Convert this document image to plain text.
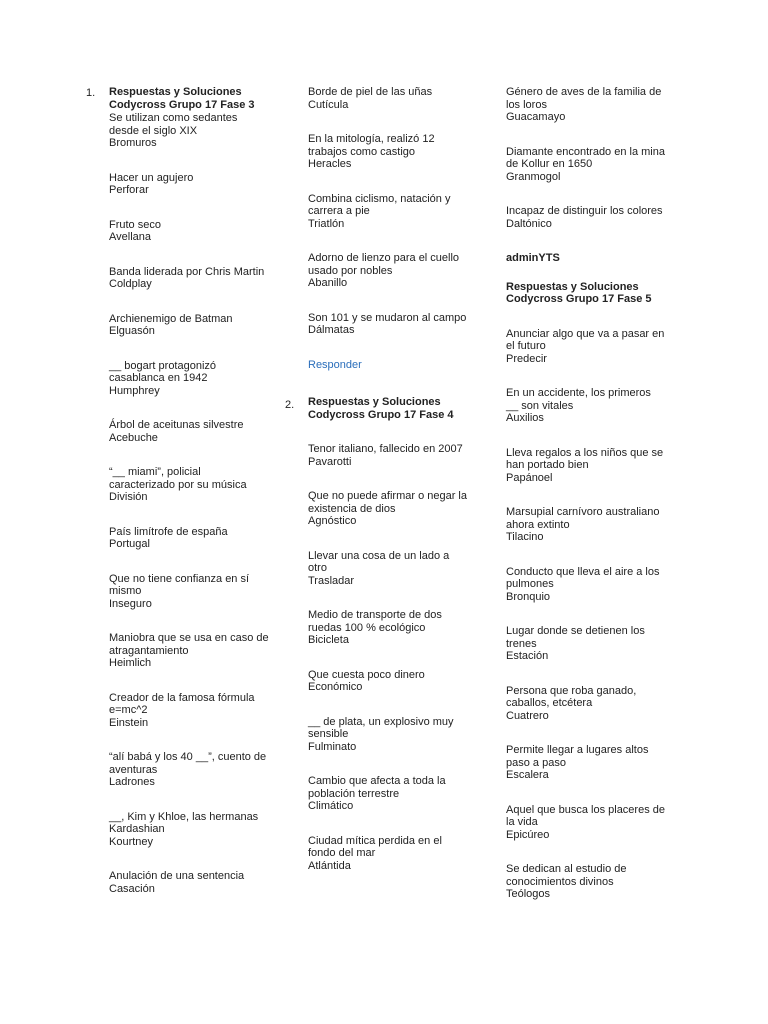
1.
2.
Respuestas y Soluciones Codycross Grupo 17 Fase 3
Se utilizan como sedantes desde el siglo XIX
Bromuros
Hacer un agujero
Perforar
Fruto seco
Avellana
Banda liderada por Chris Martin
Coldplay
Archienemigo de Batman
Elguasón
__ bogart protagonizó casablanca en 1942
Humphrey
Árbol de aceitunas silvestre
Acebuche
“__ miami”, policial caracterizado por su música
División
País limítrofe de españa
Portugal
Que no tiene confianza en sí mismo
Inseguro
Maniobra que se usa en caso de atragantamiento
Heimlich
Creador de la famosa fórmula e=mc^2
Einstein
“alí babá y los 40 __”, cuento de aventuras
Ladrones
__, Kim y Khloe, las hermanas Kardashian
Kourtney
Anulación de una sentencia
Casación
Borde de piel de las uñas
Cutícula
En la mitología, realizó 12 trabajos como castigo
Heracles
Combina ciclismo, natación y carrera a pie
Triatlón
Adorno de lienzo para el cuello usado por nobles
Abanillo
Son 101 y se mudaron al campo
Dálmatas
Responder
Respuestas y Soluciones Codycross Grupo 17 Fase 4
Tenor italiano, fallecido en 2007
Pavarotti
Que no puede afirmar o negar la existencia de dios
Agnóstico
Llevar una cosa de un lado a otro
Trasladar
Medio de transporte de dos ruedas 100 % ecológico
Bicicleta
Que cuesta poco dinero
Económico
__ de plata, un explosivo muy sensible
Fulminato
Cambio que afecta a toda la población terrestre
Climático
Ciudad mítica perdida en el fondo del mar
Atlántida
Género de aves de la familia de los loros
Guacamayo
Diamante encontrado en la mina de Kollur en 1650
Granmogol
Incapaz de distinguir los colores
Daltónico
adminYTS
Respuestas y Soluciones Codycross Grupo 17 Fase 5
Anunciar algo que va a pasar en el futuro
Predecir
En un accidente, los primeros __ son vitales
Auxilios
Lleva regalos a los niños que se han portado bien
Papánoel
Marsupial carnívoro australiano ahora extinto
Tilacino
Conducto que lleva el aire a los pulmones
Bronquio
Lugar donde se detienen los trenes
Estación
Persona que roba ganado, caballos, etcétera
Cuatrero
Permite llegar a lugares altos paso a paso
Escalera
Aquel que busca los placeres de la vida
Epicúreo
Se dedican al estudio de conocimientos divinos
Teólogos
